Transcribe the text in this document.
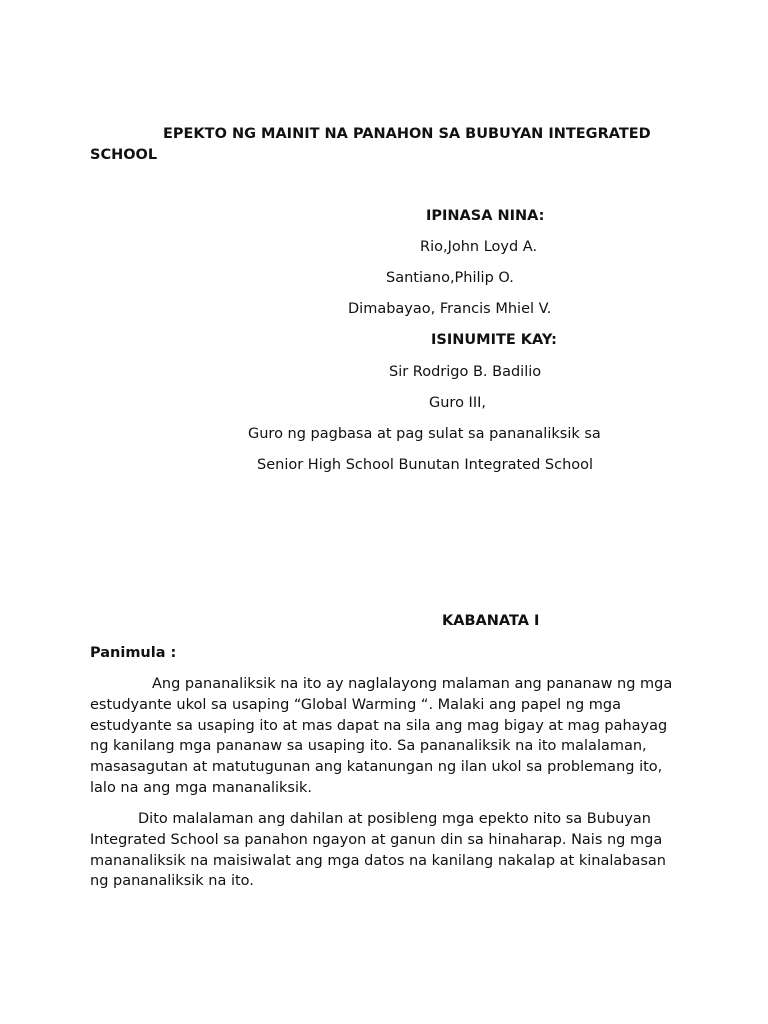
EPEKTO NG MAINIT NA PANAHON SA BUBUYAN INTEGRATED SCHOOL

IPINASA NINA:

Rio,John Loyd A.

Santiano,Philip O.

Dimabayao, Francis Mhiel V.

ISINUMITE KAY:

Sir Rodrigo B. Badilio

Guro III,

Guro ng pagbasa at pag sulat sa pananaliksik sa

Senior High School Bunutan Integrated School

KABANATA I

Panimula :

Ang pananaliksik na ito ay naglalayong malaman ang pananaw ng mga estudyante ukol sa usaping “Global Warming “. Malaki ang papel ng mga estudyante sa usaping ito at mas dapat na sila ang mag bigay at mag pahayag ng kanilang mga pananaw sa usaping ito. Sa pananaliksik na ito malalaman, masasagutan at matutugunan ang katanungan ng ilan ukol sa problemang ito, lalo na ang mga mananaliksik.

Dito malalaman ang dahilan at posibleng mga epekto nito sa Bubuyan Integrated School sa panahon ngayon at ganun din sa hinaharap. Nais ng mga mananaliksik na maisiwalat ang mga datos na kanilang nakalap at kinalabasan ng pananaliksik na ito.
